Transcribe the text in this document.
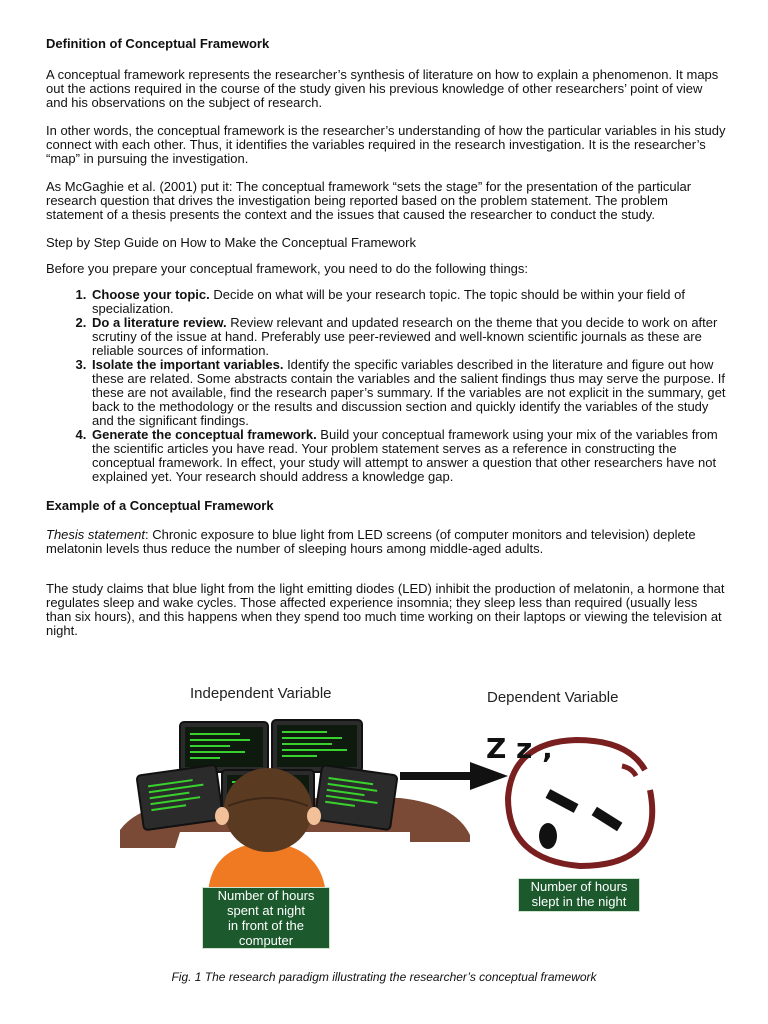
Definition of Conceptual Framework

A conceptual framework represents the researcher’s synthesis of literature on how to explain a phenomenon. It maps out the actions required in the course of the study given his previous knowledge of other researchers’ point of view and his observations on the subject of research.

In other words, the conceptual framework is the researcher’s understanding of how the particular variables in his study connect with each other. Thus, it identifies the variables required in the research investigation. It is the researcher’s “map” in pursuing the investigation.

As McGaghie et al. (2001) put it: The conceptual framework “sets the stage” for the presentation of the particular research question that drives the investigation being reported based on the problem statement. The problem statement of a thesis presents the context and the issues that caused the researcher to conduct the study.

Step by Step Guide on How to Make the Conceptual Framework

Before you prepare your conceptual framework, you need to do the following things:

1. Choose your topic. Decide on what will be your research topic. The topic should be within your field of specialization.
2. Do a literature review. Review relevant and updated research on the theme that you decide to work on after scrutiny of the issue at hand. Preferably use peer-reviewed and well-known scientific journals as these are reliable sources of information.
3. Isolate the important variables. Identify the specific variables described in the literature and figure out how these are related. Some abstracts contain the variables and the salient findings thus may serve the purpose. If these are not available, find the research paper’s summary. If the variables are not explicit in the summary, get back to the methodology or the results and discussion section and quickly identify the variables of the study and the significant findings.
4. Generate the conceptual framework. Build your conceptual framework using your mix of the variables from the scientific articles you have read. Your problem statement serves as a reference in constructing the conceptual framework. In effect, your study will attempt to answer a question that other researchers have not explained yet. Your research should address a knowledge gap.
Example of a Conceptual Framework

Thesis statement: Chronic exposure to blue light from LED screens (of computer monitors and television) deplete melatonin levels thus reduce the number of sleeping hours among middle-aged adults.

The study claims that blue light from the light emitting diodes (LED) inhibit the production of melatonin, a hormone that regulates sleep and wake cycles. Those affected experience insomnia; they sleep less than required (usually less than six hours), and this happens when they spend too much time working on their laptops or viewing the television at night.

Z z ,
Independent Variable	Dependent Variable
Number of hours
spent at night
in front of the
computer
Number of hours
slept in the night
Fig. 1 The research paradigm illustrating the researcher’s conceptual framework
